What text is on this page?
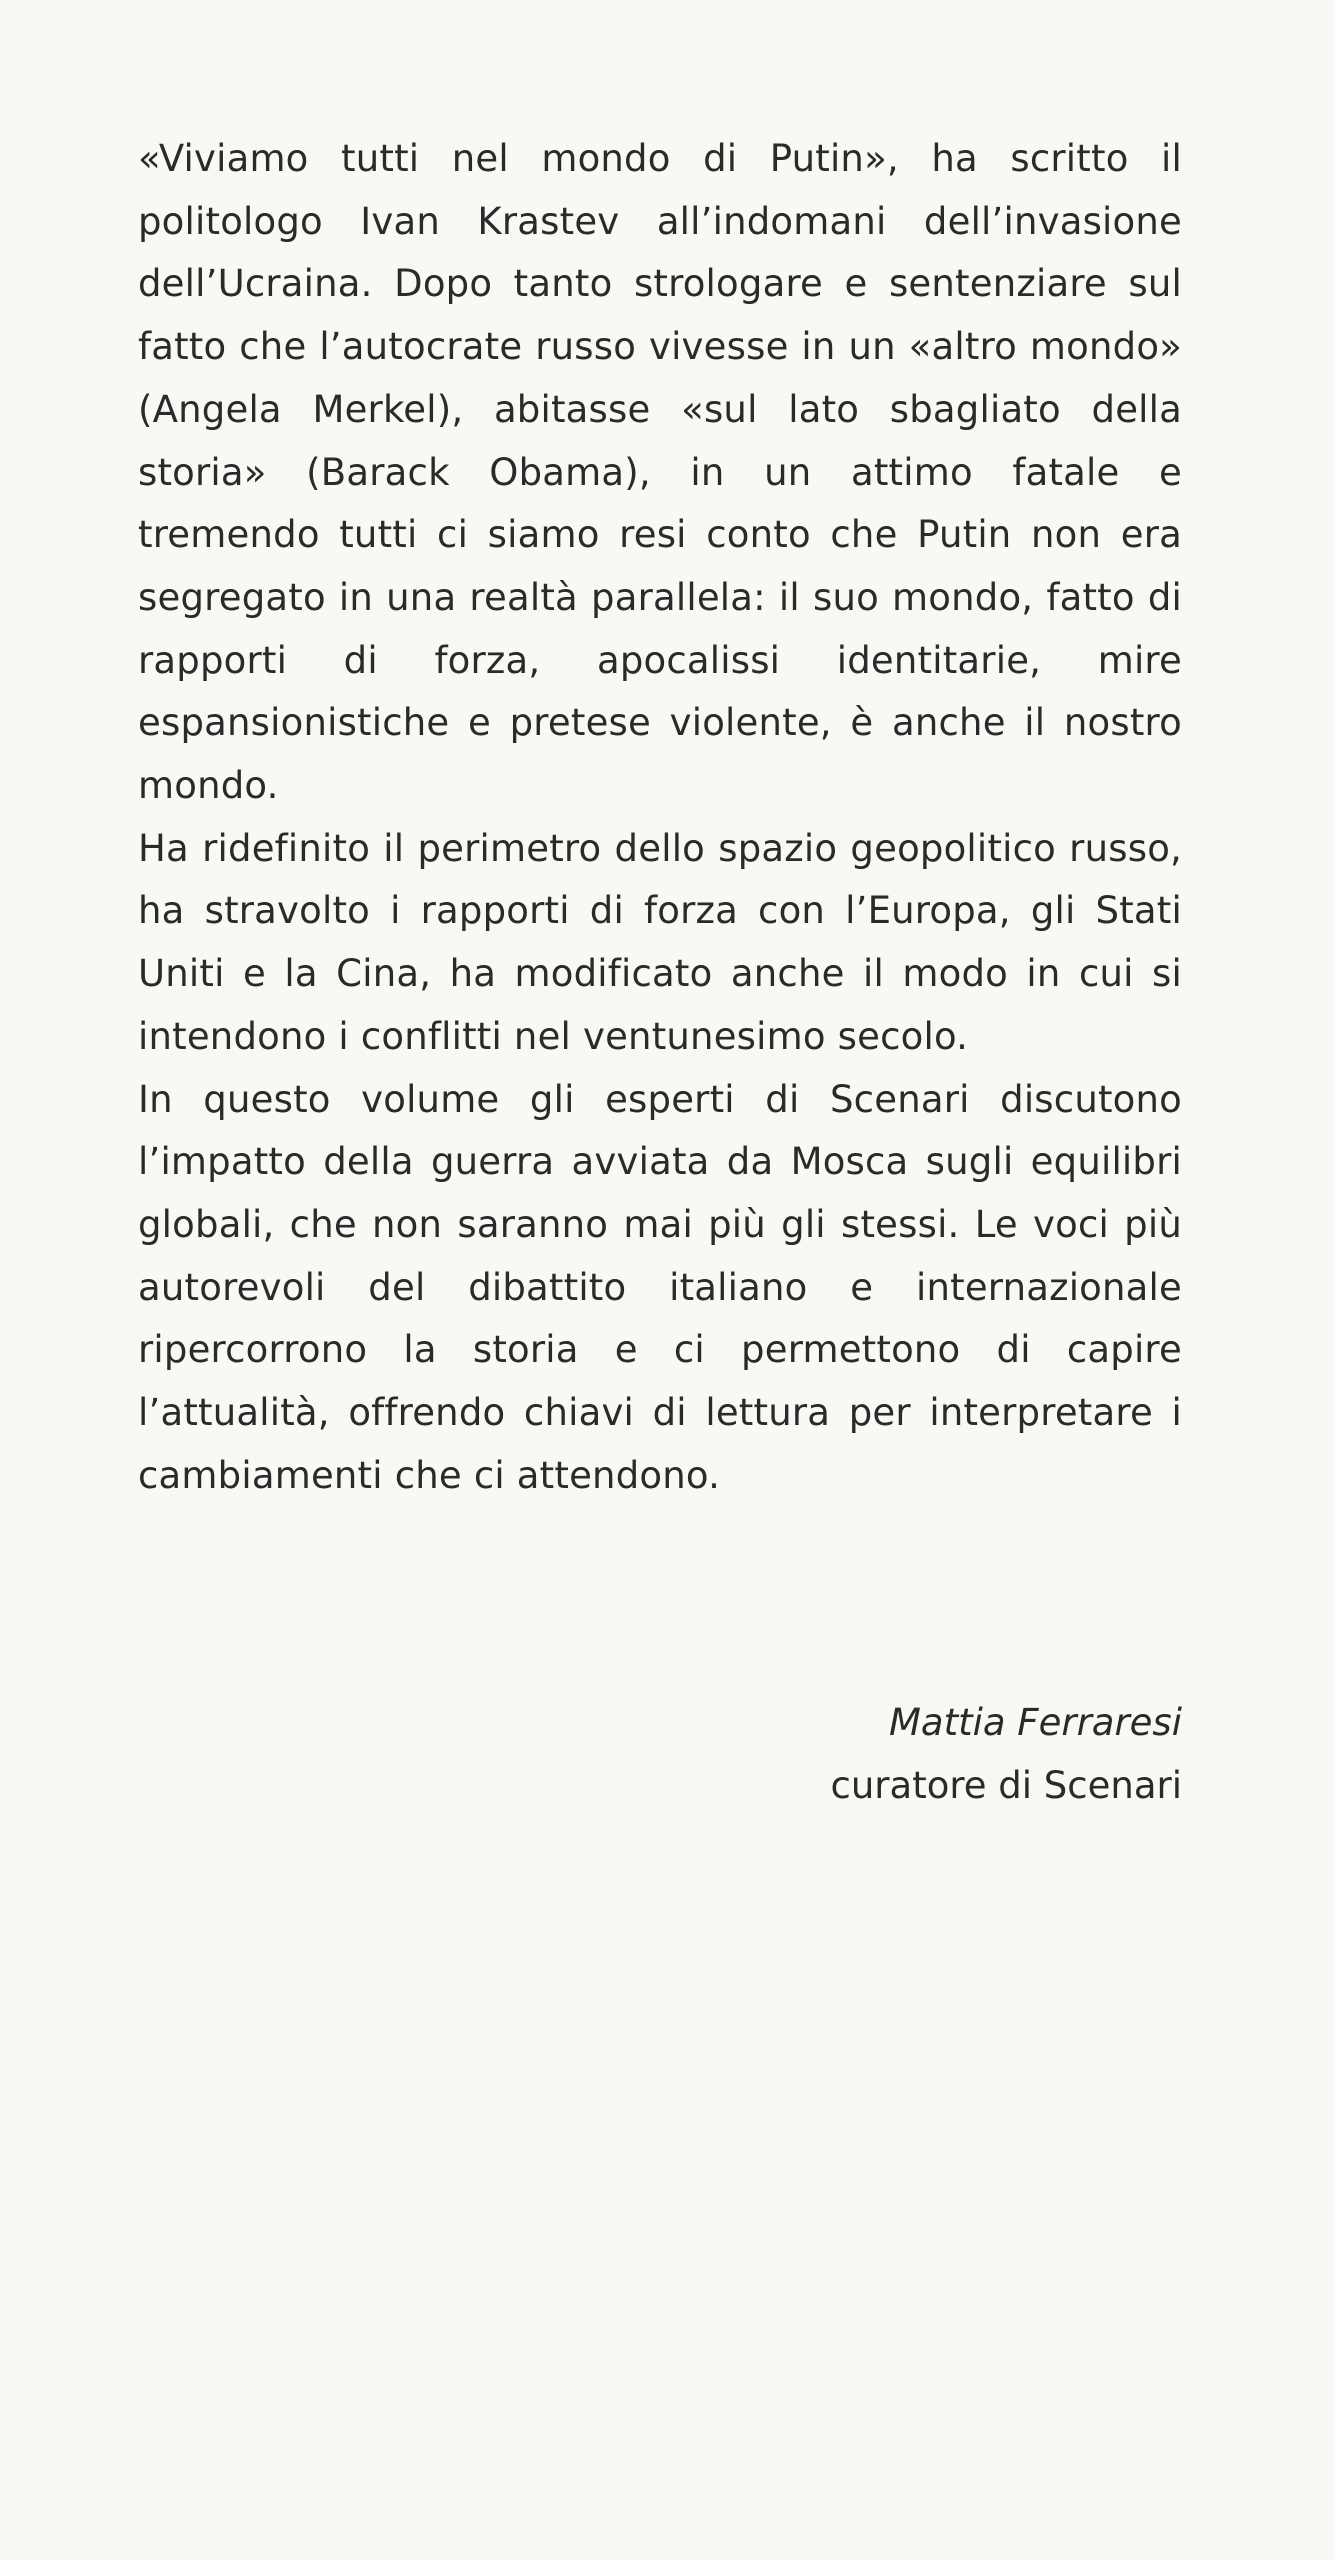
«Viviamo tutti nel mondo di Putin», ha scritto il politologo Ivan Krastev all’indomani dell’invasione dell’Ucraina. Dopo tanto strologare e sentenziare sul fatto che l’autocrate russo vivesse in un «altro mondo» (Angela Merkel), abitasse «sul lato sbagliato della storia» (Barack Obama), in un attimo fatale e tremendo tutti ci siamo resi conto che Putin non era segregato in una realtà parallela: il suo mondo, fatto di rapporti di forza, apocalissi identitarie, mire espansionistiche e pretese violente, è anche il nostro mondo.

Ha ridefinito il perimetro dello spazio geopolitico russo, ha stravolto i rapporti di forza con l’Europa, gli Stati Uniti e la Cina, ha modificato anche il modo in cui si intendono i conflitti nel ventunesimo secolo.

In questo volume gli esperti di Scenari discutono l’impatto della guerra avviata da Mosca sugli equilibri globali, che non saranno mai più gli stessi. Le voci più autorevoli del dibattito italiano e internazionale ripercorrono la storia e ci permettono di capire l’attualità, offrendo chiavi di lettura per interpretare i cambiamenti che ci attendono.

Mattia Ferraresi
curatore di Scenari
